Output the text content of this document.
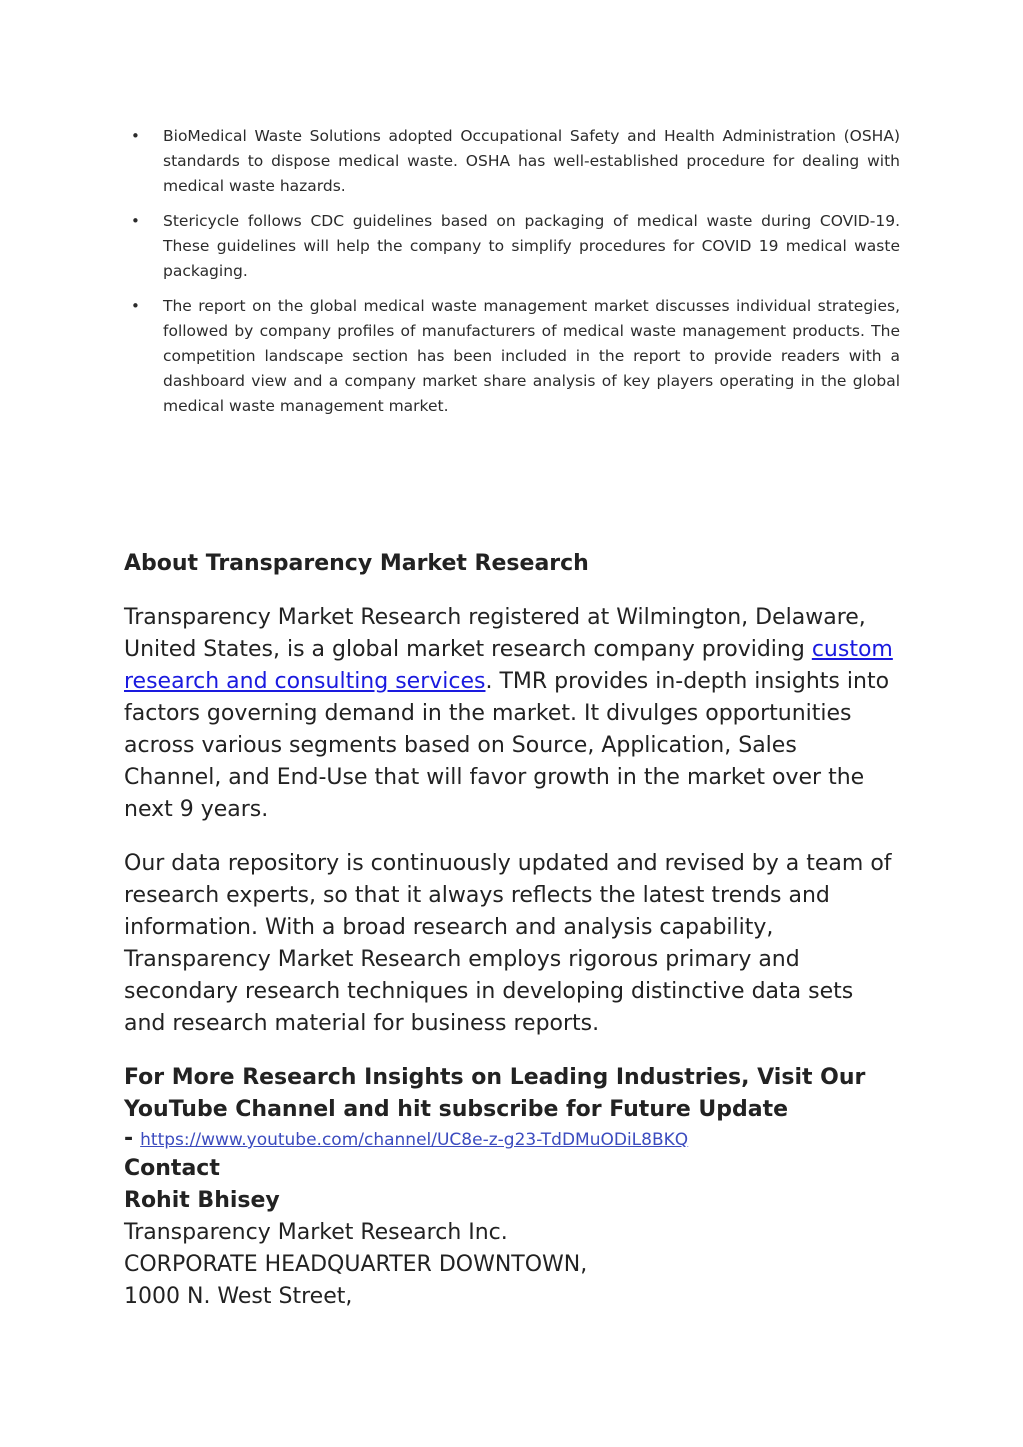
• BioMedical Waste Solutions adopted Occupational Safety and Health Administration (OSHA) standards to dispose medical waste. OSHA has well-established procedure for dealing with medical waste hazards.
• Stericycle follows CDC guidelines based on packaging of medical waste during COVID-19. These guidelines will help the company to simplify procedures for COVID 19 medical waste packaging.
• The report on the global medical waste management market discusses individual strategies, followed by company profiles of manufacturers of medical waste management products. The competition landscape section has been included in the report to provide readers with a dashboard view and a company market share analysis of key players operating in the global medical waste management market.
About Transparency Market Research

Transparency Market Research registered at Wilmington, Delaware, United States, is a global market research company providing custom research and consulting services. TMR provides in-depth insights into factors governing demand in the market. It divulges opportunities across various segments based on Source, Application, Sales Channel, and End-Use that will favor growth in the market over the next 9 years.

Our data repository is continuously updated and revised by a team of research experts, so that it always reflects the latest trends and information. With a broad research and analysis capability, Transparency Market Research employs rigorous primary and secondary research techniques in developing distinctive data sets and research material for business reports.

For More Research Insights on Leading Industries, Visit Our YouTube Channel and hit subscribe for Future Update

- https://www.youtube.com/channel/UC8e-z-g23-TdDMuODiL8BKQ

Contact

Rohit Bhisey

Transparency Market Research Inc.

CORPORATE HEADQUARTER DOWNTOWN,

1000 N. West Street,
